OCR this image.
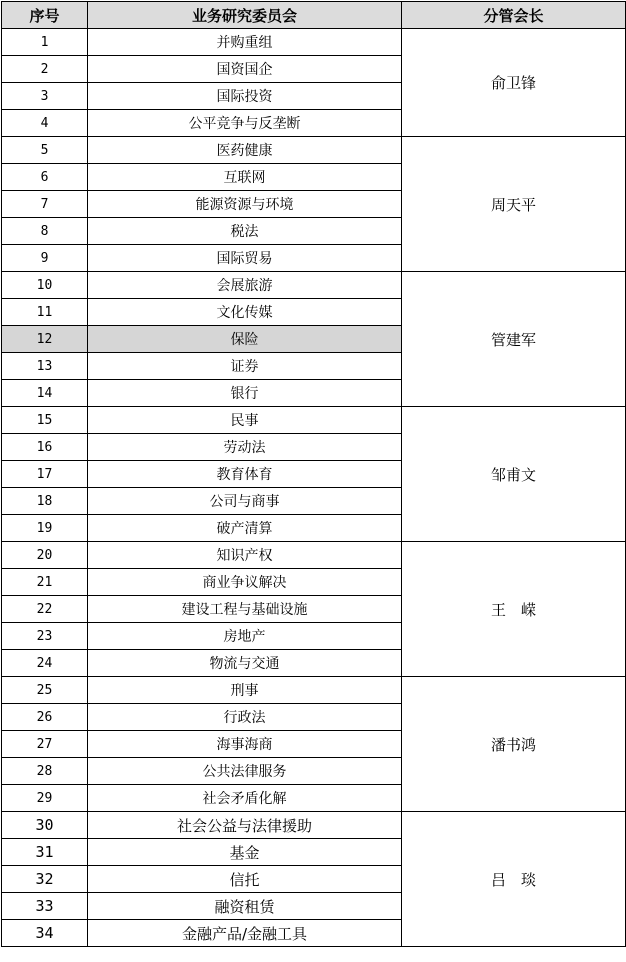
序号	业务研究委员会	分管会长
1	并购重组	俞卫锋
2	国资国企	
3	国际投资	
4	公平竞争与反垄断	
5	医药健康	周天平
6	互联网	
7	能源资源与环境	
8	税法	
9	国际贸易	
10	会展旅游	管建军
11	文化传媒	
12	保险	
13	证券	
14	银行	
15	民事	邹甫文
16	劳动法	
17	教育体育	
18	公司与商事	
19	破产清算	
20	知识产权	王　嵘
21	商业争议解决	
22	建设工程与基础设施	
23	房地产	
24	物流与交通	
25	刑事	潘书鸿
26	行政法	
27	海事海商	
28	公共法律服务	
29	社会矛盾化解	
30	社会公益与法律援助	吕　琰
31	基金	
32	信托	
33	融资租赁	
34	金融产品/金融工具	
